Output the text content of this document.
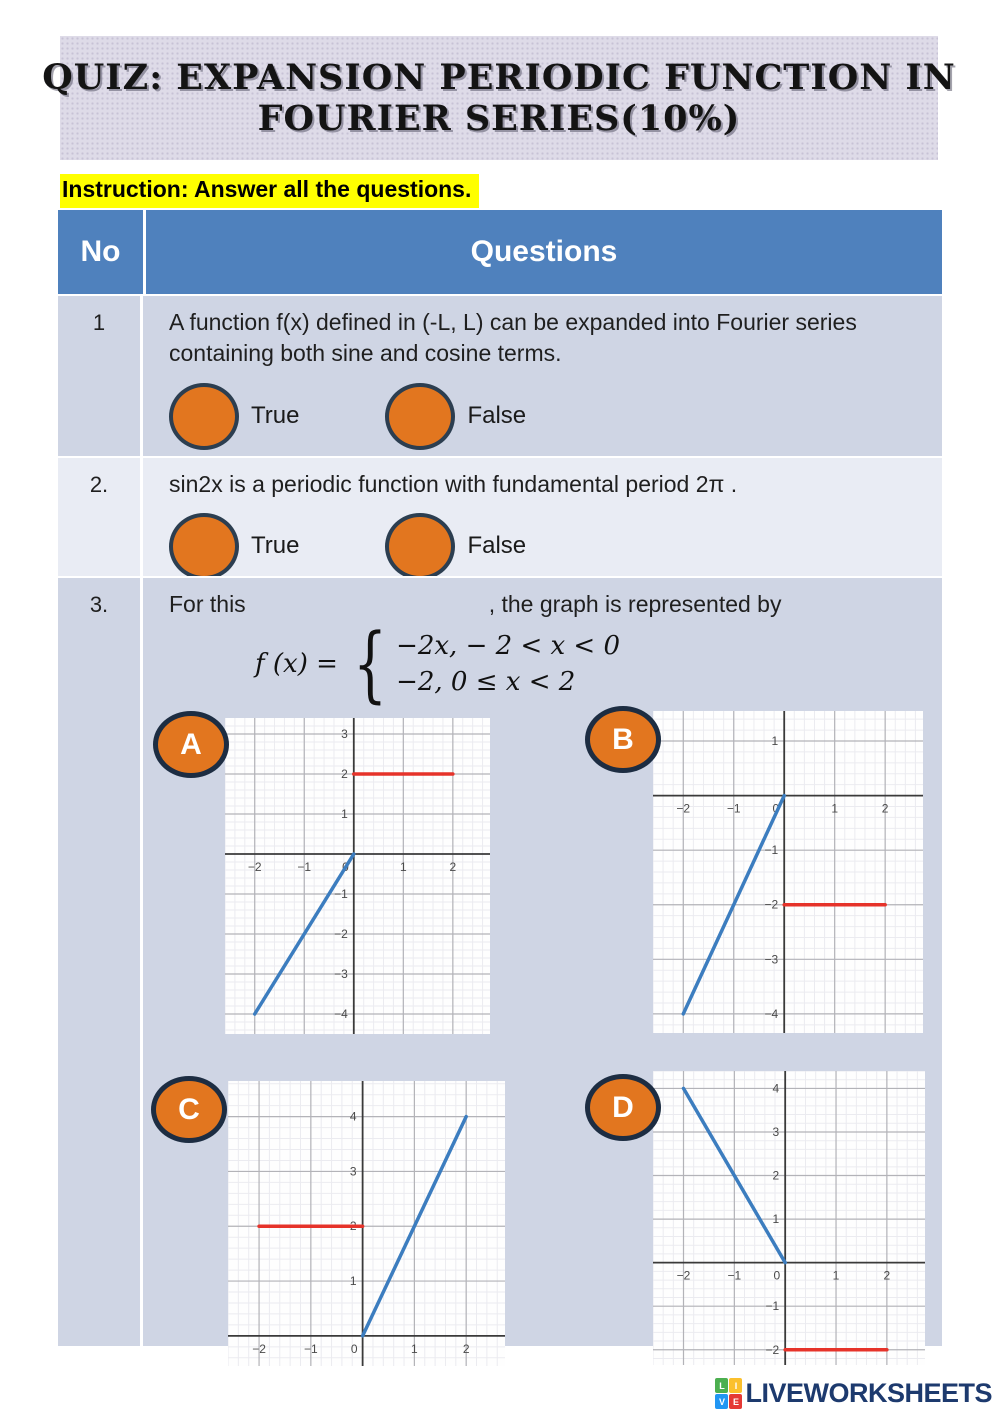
QUIZ: EXPANSION PERIODIC FUNCTION IN
FOURIER SERIES(10%)
Instruction: Answer all the questions.
No	Questions
1	A function f(x) defined in (-L, L) can be expanded into Fourier series containing both sine and cosine terms.
True	False
2.	sin2x is a periodic function with fundamental period 2π .
True	False
3.	For this	, the graph is represented by
f (x) = { −2x, − 2 < x < 0
−2, 0 ≤ x < 2
A
−2	−1	0	1	2
−4
−3
−2
−1
1
2
3	B
−2	−1	0	1	2
−4
−3
−2
−1
1
C
−2	−1	0	1	2
1
2
3
4	D
−2	−1	0	1	2
−2
−1
1
2
3
4
L	I
V E LIVEWORKSHEETS
